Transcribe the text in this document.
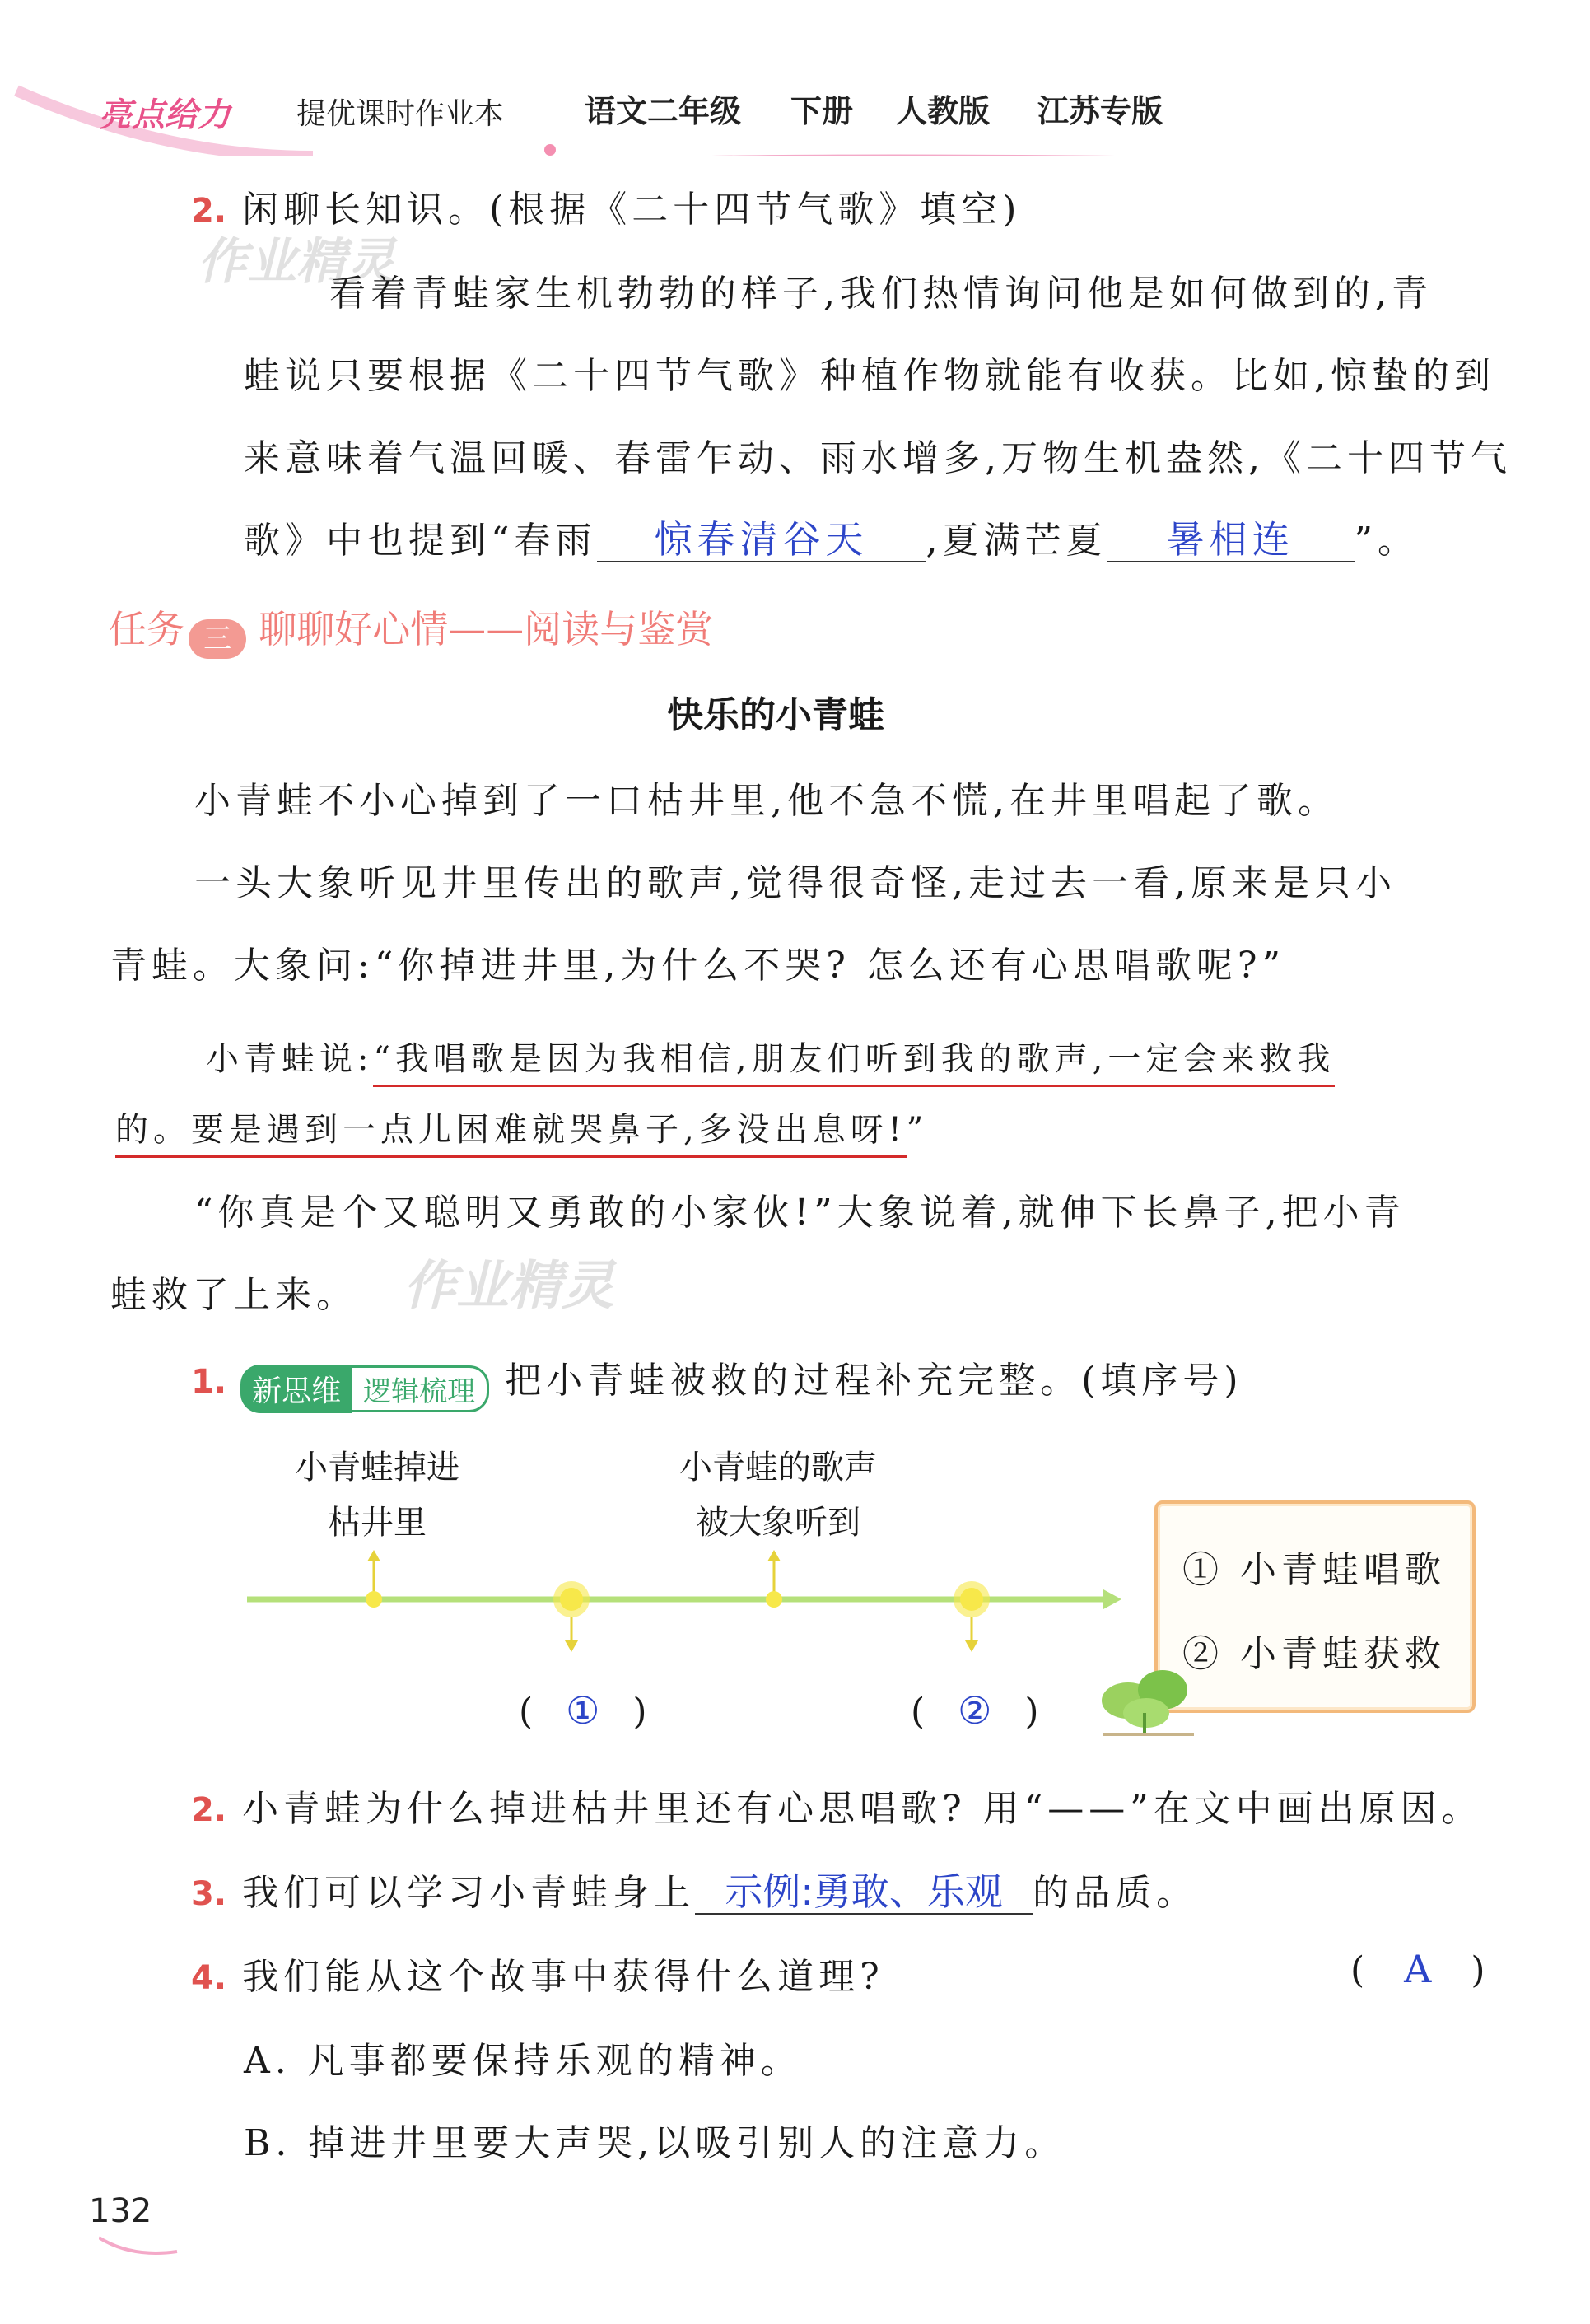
亮点给力 提优课时作业本	语文二年级 下册 人教版 江苏专版
2. 闲聊长知识。(根据《二十四节气歌》填空)
作业精灵
看着青蛙家生机勃勃的样子,我们热情询问他是如何做到的,青
蛙说只要根据《二十四节气歌》种植作物就能有收获。比如,惊蛰的到
来意味着气温回暖、春雷乍动、雨水增多,万物生机盎然,《二十四节气
歌》中也提到“春雨 惊春清谷天 ,夏满芒夏 暑相连 ”。
任务 三 聊聊好心情——阅读与鉴赏
快乐的小青蛙
小青蛙不小心掉到了一口枯井里,他不急不慌,在井里唱起了歌。
一头大象听见井里传出的歌声,觉得很奇怪,走过去一看,原来是只小
青蛙。大象问:“你掉进井里,为什么不哭? 怎么还有心思唱歌呢?”
小青蛙说:“我唱歌是因为我相信,朋友们听到我的歌声,一定会来救我
的。要是遇到一点儿困难就哭鼻子,多没出息呀!”
“你真是个又聪明又勇敢的小家伙!”大象说着,就伸下长鼻子,把小青
蛙救了上来。 作业精灵
1. 新思维 逻辑梳理 把小青蛙被救的过程补充完整。(填序号)
小青蛙掉进
枯井里
小青蛙的歌声
被大象听到
( ① )	( ② )
① 小青蛙唱歌
② 小青蛙获救
2. 小青蛙为什么掉进枯井里还有心思唱歌? 用“——”在文中画出原因。
3. 我们可以学习小青蛙身上 示例:勇敢、乐观 的品质。
4. 我们能从这个故事中获得什么道理?	( A )
A. 凡事都要保持乐观的精神。
B. 掉进井里要大声哭,以吸引别人的注意力。
132
